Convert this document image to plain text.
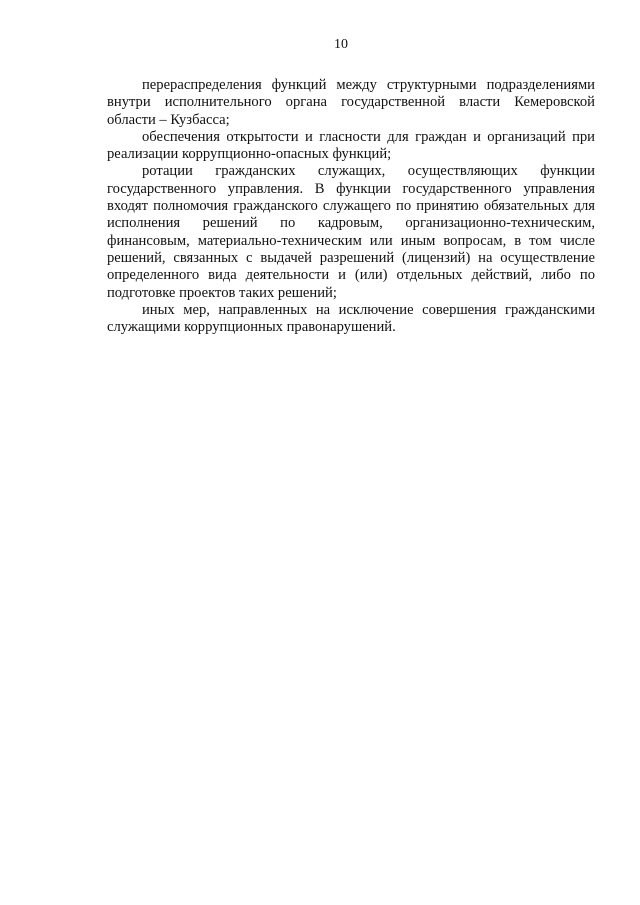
10
перераспределения функций между структурными подразделениями
внутри исполнительного органа государственной власти Кемеровской
области – Кузбасса;
обеспечения открытости и гласности для граждан и организаций при
реализации коррупционно-опасных функций;
ротации гражданских служащих, осуществляющих функции
государственного управления. В функции государственного управления
входят полномочия гражданского служащего по принятию обязательных для
исполнения решений по кадровым, организационно-техническим,
финансовым, материально-техническим или иным вопросам, в том числе
решений, связанных с выдачей разрешений (лицензий) на осуществление
определенного вида деятельности и (или) отдельных действий, либо по
подготовке проектов таких решений;
иных мер, направленных на исключение совершения гражданскими
служащими коррупционных правонарушений.
